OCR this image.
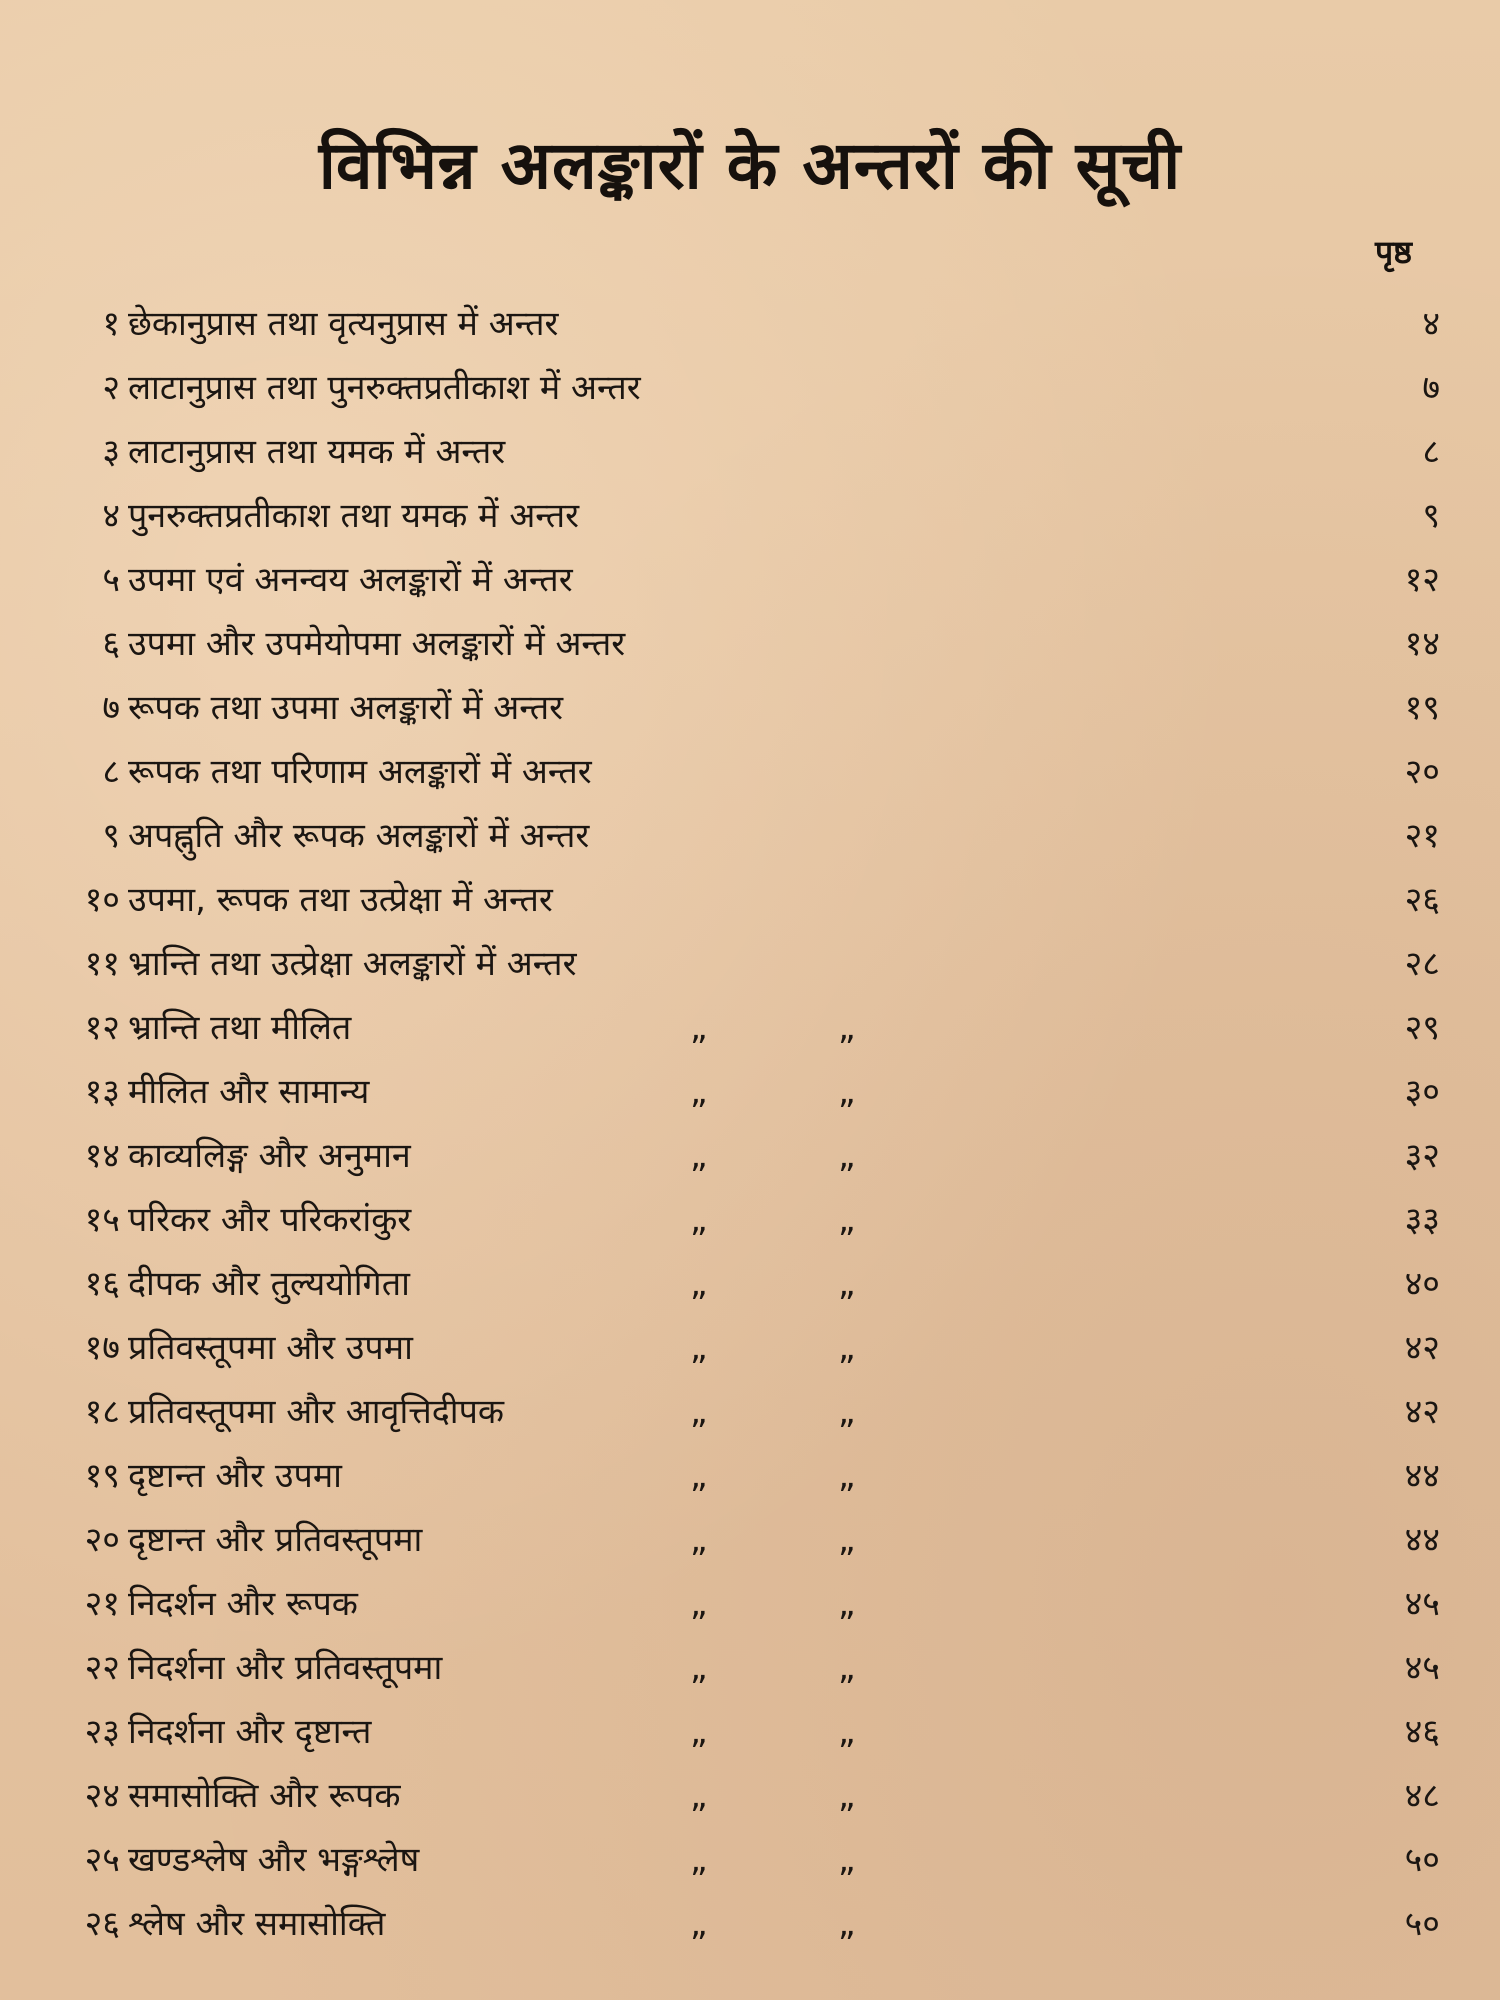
विभिन्न अलङ्कारों के अन्तरों की सूची
पृष्ठ
१ छेकानुप्रास तथा वृत्यनुप्रास में अन्तर	४
२ लाटानुप्रास तथा पुनरुक्तप्रतीकाश में अन्तर	७
३ लाटानुप्रास तथा यमक में अन्तर	८
४ पुनरुक्तप्रतीकाश तथा यमक में अन्तर	९
५ उपमा एवं अनन्वय अलङ्कारों में अन्तर	१२
६ उपमा और उपमेयोपमा अलङ्कारों में अन्तर	१४
७ रूपक तथा उपमा अलङ्कारों में अन्तर	१९
८ रूपक तथा परिणाम अलङ्कारों में अन्तर	२०
९ अपह्नुति और रूपक अलङ्कारों में अन्तर	२१
१० उपमा, रूपक तथा उत्प्रेक्षा में अन्तर	२६
११ भ्रान्ति तथा उत्प्रेक्षा अलङ्कारों में अन्तर	२८
१२ भ्रान्ति तथा मीलित	„	„	२९
१३ मीलित और सामान्य	„	„	३०
१४ काव्यलिङ्ग और अनुमान	„	„	३२
१५ परिकर और परिकरांकुर	„	„	३३
१६ दीपक और तुल्ययोगिता	„	„	४०
१७ प्रतिवस्तूपमा और उपमा	„	„	४२
१८ प्रतिवस्तूपमा और आवृत्तिदीपक	„	„	४२
१९ दृष्टान्त और उपमा	„	„	४४
२० दृष्टान्त और प्रतिवस्तूपमा	„	„	४४
२१ निदर्शन और रूपक	„	„	४५
२२ निदर्शना और प्रतिवस्तूपमा	„	„	४५
२३ निदर्शना और दृष्टान्त	„	„	४६
२४ समासोक्ति और रूपक	„	„	४८
२५ खण्डश्लेष और भङ्गश्लेष	„	„	५०
२६ श्लेष और समासोक्ति	„	„	५०
